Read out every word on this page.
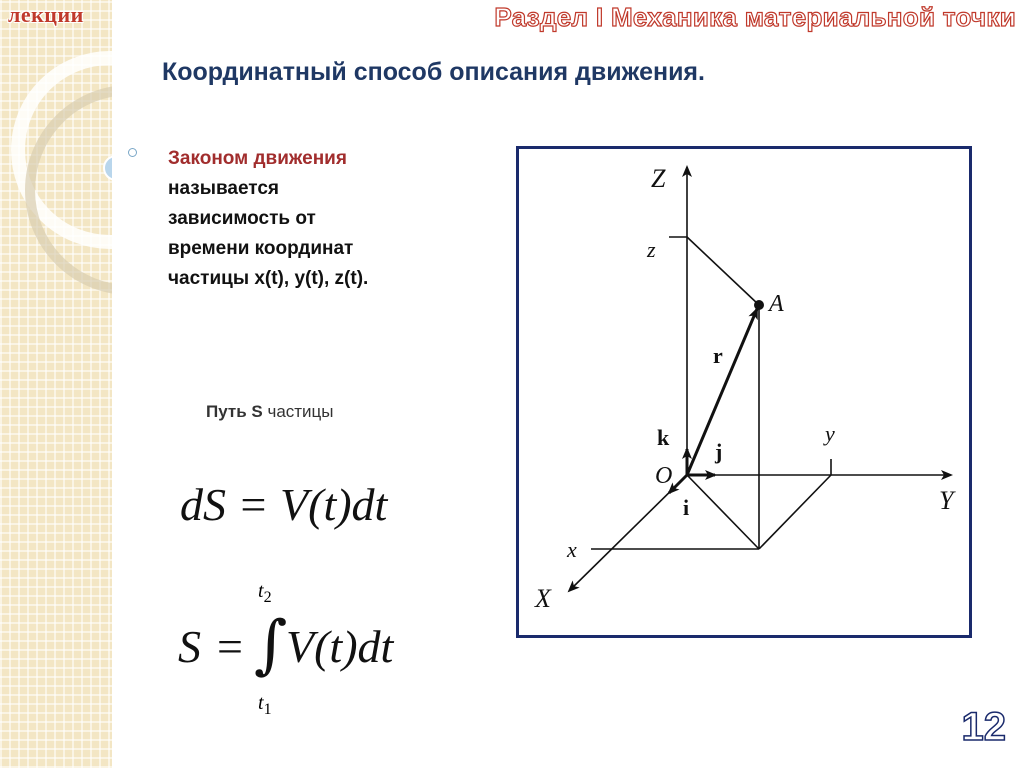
лекции	Раздел I Механика материальной точки
Координатный способ описания движения.
Законом движения
называется
зависимость от
времени координат
частицы x(t), y(t), z(t).
Путь S частицы
dS = V(t)dt
$t_2$
S = ∫
V(t)dt
$t_1$
Z
z
A
y
Y
O
x
X
r
k
j
i
12
